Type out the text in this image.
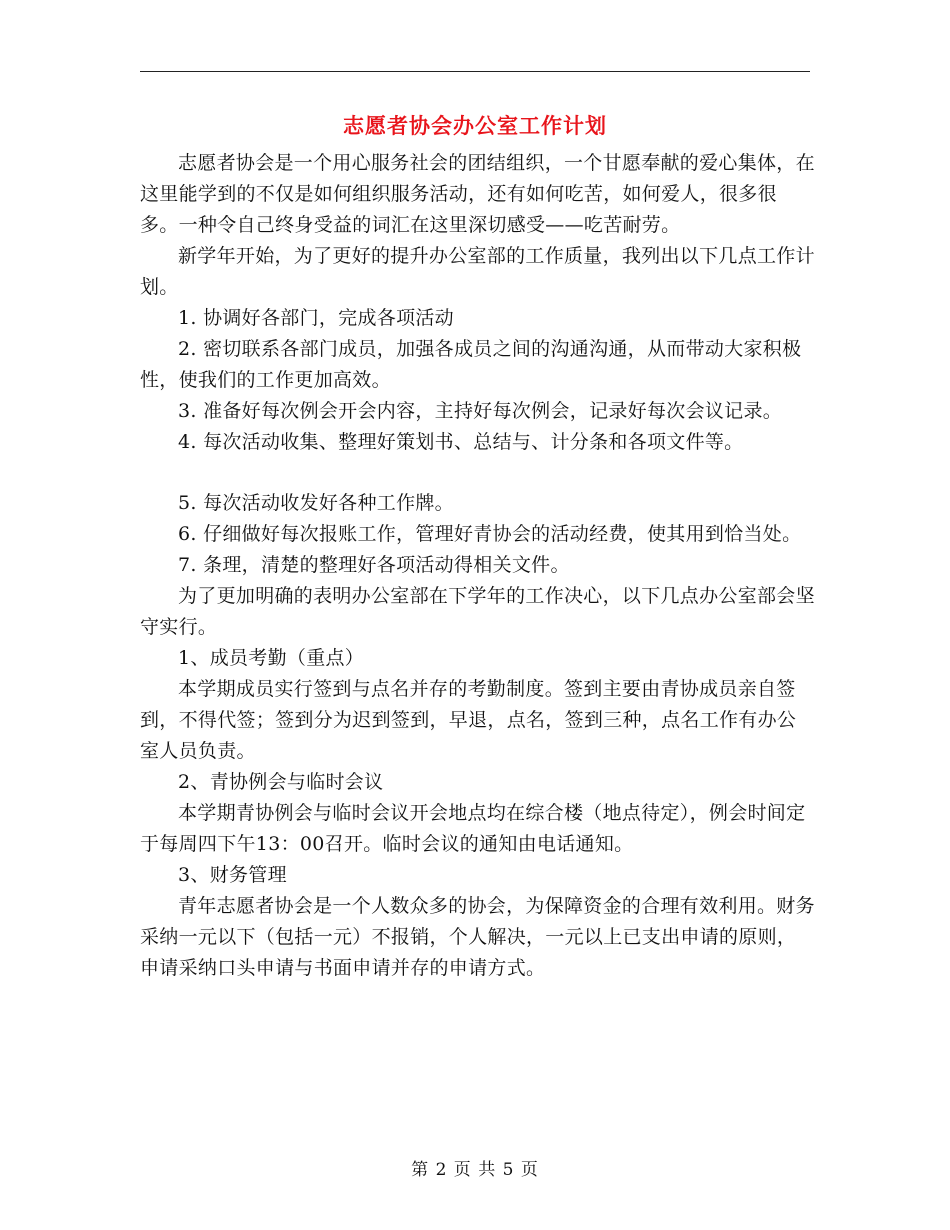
志愿者协会办公室工作计划

志愿者协会是一个用心服务社会的团结组织，一个甘愿奉献的爱心集体，在这里能学到的不仅是如何组织服务活动，还有如何吃苦，如何爱人，很多很多。一种令自己终身受益的词汇在这里深切感受——吃苦耐劳。

新学年开始，为了更好的提升办公室部的工作质量，我列出以下几点工作计划。

1. 协调好各部门，完成各项活动

2. 密切联系各部门成员，加强各成员之间的沟通沟通，从而带动大家积极性，使我们的工作更加高效。

3. 准备好每次例会开会内容，主持好每次例会，记录好每次会议记录。

4. 每次活动收集、整理好策划书、总结与、计分条和各项文件等。

5. 每次活动收发好各种工作牌。

6. 仔细做好每次报账工作，管理好青协会的活动经费，使其用到恰当处。

7. 条理，清楚的整理好各项活动得相关文件。

为了更加明确的表明办公室部在下学年的工作决心，以下几点办公室部会坚守实行。

1、成员考勤（重点）

本学期成员实行签到与点名并存的考勤制度。签到主要由青协成员亲自签到，不得代签；签到分为迟到签到，早退，点名，签到三种，点名工作有办公室人员负责。

2、青协例会与临时会议

本学期青协例会与临时会议开会地点均在综合楼（地点待定），例会时间定于每周四下午13：00召开。临时会议的通知由电话通知。

3、财务管理

青年志愿者协会是一个人数众多的协会，为保障资金的合理有效利用。财务采纳一元以下（包括一元）不报销，个人解决，一元以上已支出申请的原则，申请采纳口头申请与书面申请并存的申请方式。

第 2 页 共 5 页
